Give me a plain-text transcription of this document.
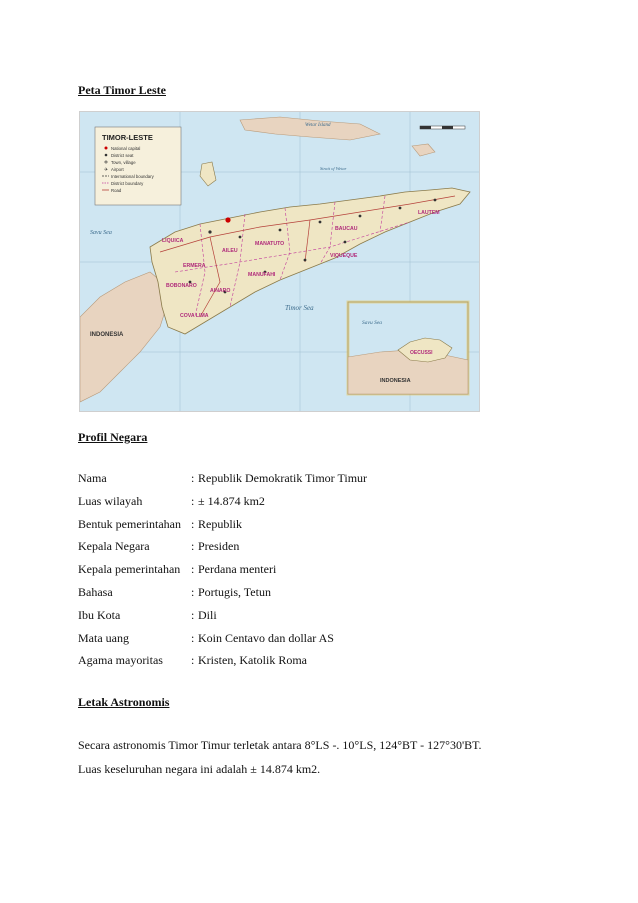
Peta Timor Leste
TIMOR-LESTE
National capital
District seat
Town, village
✈ Airport
International boundary
District boundary
Road
Savu Sea
Timor Sea
Strait of Wetar
Wetar Island
LIQUICA
AILEU
MANATUTO
BAUCAU
LAUTEM
VIQUEQUE
ERMERA
BOBONARO
AINARO
MANUFAHI
COVA LIMA
INDONESIA
Savu Sea
OECUSSI
INDONESIA
Profil Negara
Nama	: Republik Demokratik Timor Timur
Luas wilayah	: ± 14.874 km2
Bentuk pemerintahan : Republik
Kepala Negara	: Presiden
Kepala pemerintahan : Perdana menteri
Bahasa	: Portugis, Tetun
Ibu Kota	: Dili
Mata uang	: Koin Centavo dan dollar AS
Agama mayoritas : Kristen, Katolik Roma
Letak Astronomis

Secara astronomis Timor Timur terletak antara 8°LS -. 10°LS, 124°BT - 127°30'BT.

Luas keseluruhan negara ini adalah ± 14.874 km2.
